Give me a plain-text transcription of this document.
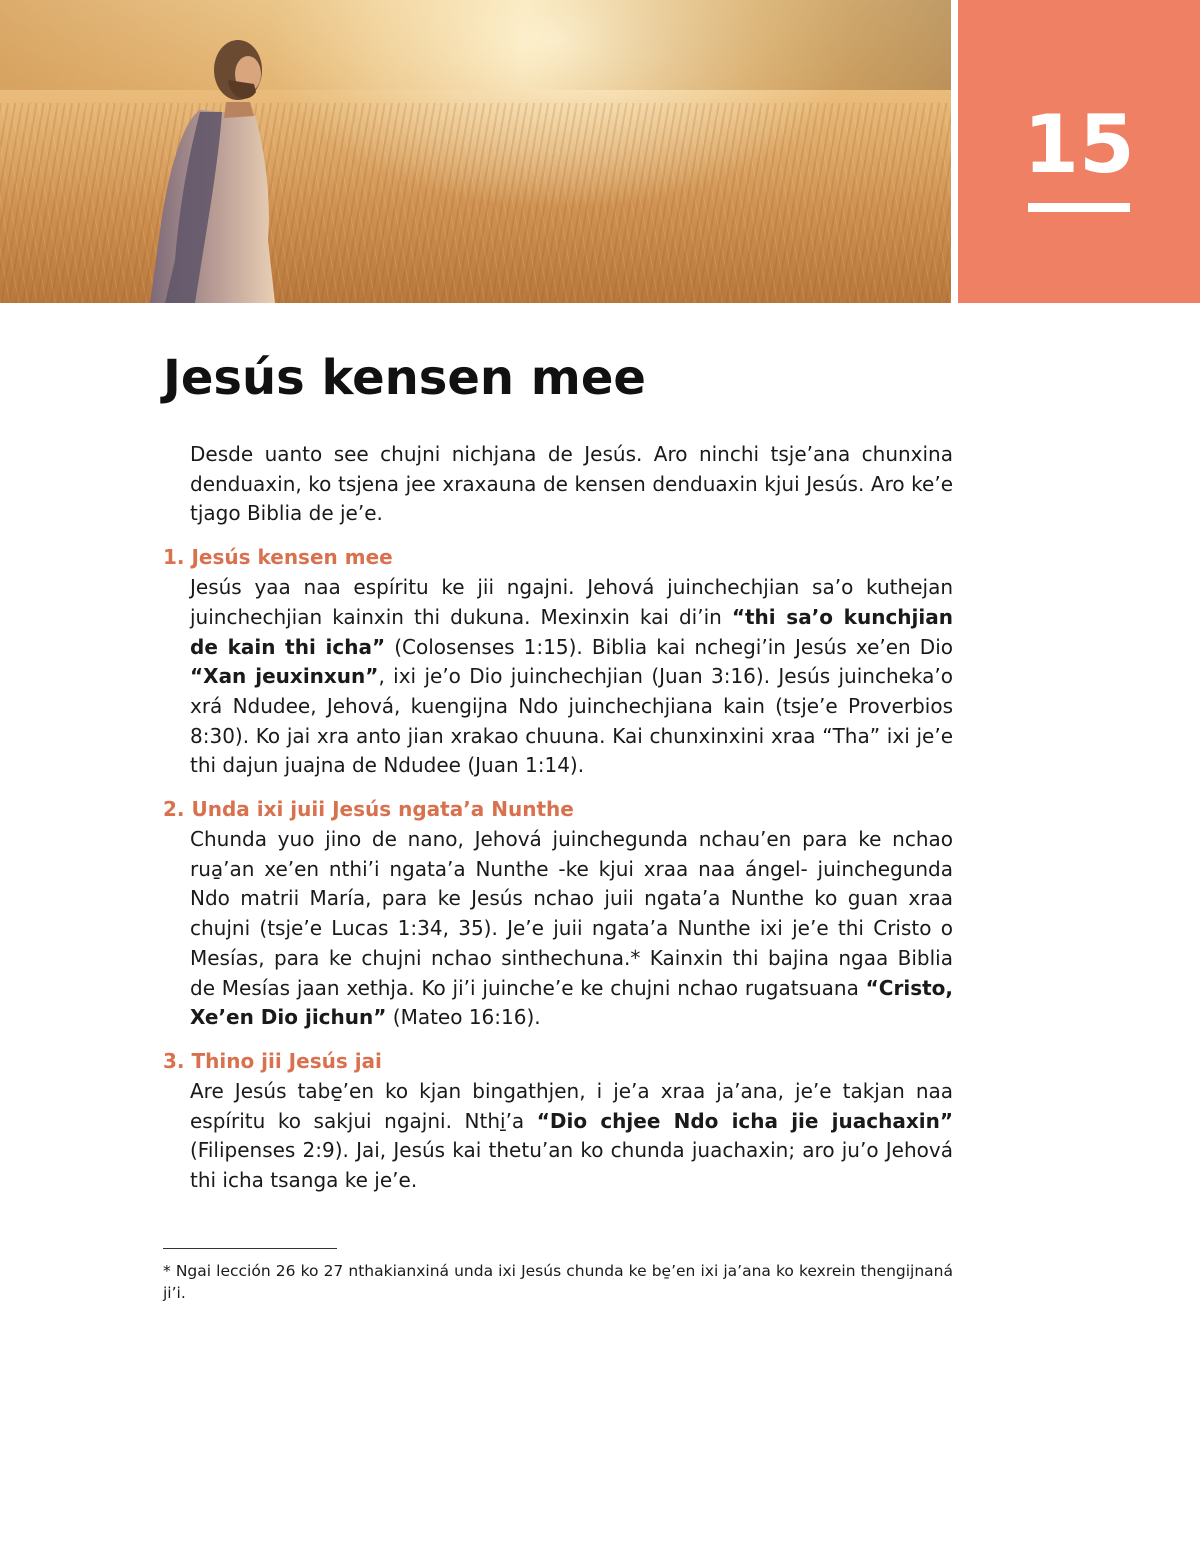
15
Jesús kensen mee

Desde uanto see chujni nichjana de Jesús. Aro ninchi tsje’ana chunxina denduaxin, ko tsjena jee xraxauna de kensen denduaxin kjui Jesús. Aro ke’e tjago Biblia de je’e.

1. Jesús kensen mee

Jesús yaa naa espíritu ke jii ngajni. Jehová juinchechjian sa’o kuthejan juinchechjian kainxin thi dukuna. Mexinxin kai di’in “thi sa’o kunchjian de kain thi icha” (Colosenses 1:15). Biblia kai nchegi’in Jesús xe’en Dio “Xan jeuxinxun”, ixi je’o Dio juinchechjian (Juan 3:16). Jesús juincheka’o xrá Ndudee, Jehová, kuengijna Ndo juinchechjiana kain (tsje’e Proverbios 8:30). Ko jai xra anto jian xrakao chuuna. Kai chunxinxini xraa “Tha” ixi je’e thi dajun juajna de Ndudee (Juan 1:14).

2. Unda ixi juii Jesús ngata’a Nunthe

Chunda yuo jino de nano, Jehová juinchegunda nchau’en para ke nchao rua̱’an xe’en nthi’i ngata’a Nunthe -ke kjui xraa naa ángel- juinchegunda Ndo matrii María, para ke Jesús nchao juii ngata’a Nunthe ko guan xraa chujni (tsje’e Lucas 1:34, 35). Je’e juii ngata’a Nunthe ixi je’e thi Cristo o Mesías, para ke chujni nchao sinthechuna.* Kainxin thi bajina ngaa Biblia de Mesías jaan xethja. Ko ji’i juinche’e ke chujni nchao rugatsuana “Cristo, Xe’en Dio jichun” (Mateo 16:16).

3. Thino jii Jesús jai

Are Jesús tabe̱’en ko kjan bingathjen, i je’a xraa ja’ana, je’e takjan naa espíritu ko sakjui ngajni. Nthi̱’a “Dio chjee Ndo icha jie juachaxin” (Filipenses 2:9). Jai, Jesús kai thetu’an ko chunda juachaxin; aro ju’o Jehová thi icha tsanga ke je’e.

* Ngai lección 26 ko 27 nthakianxiná unda ixi Jesús chunda ke be̱’en ixi ja’ana ko kexrein thengijnaná ji’i.
